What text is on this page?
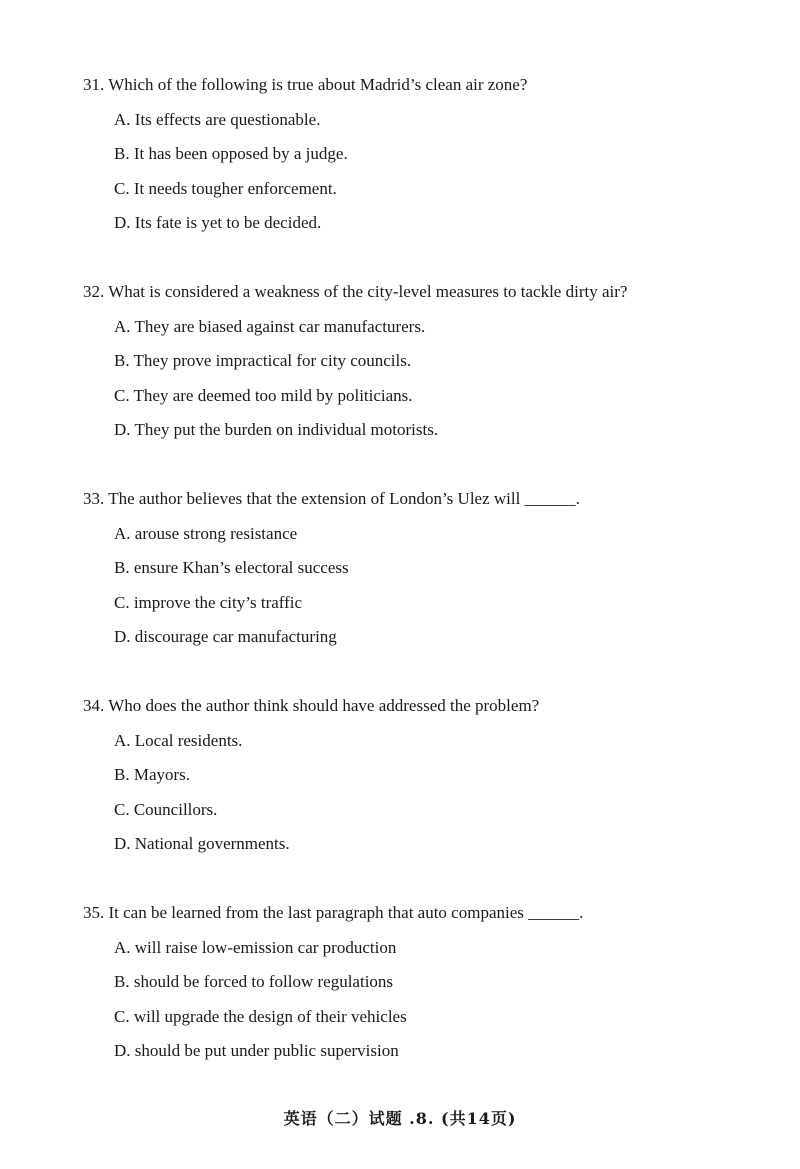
31. Which of the following is true about Madrid’s clean air zone?
A. Its effects are questionable.
B. It has been opposed by a judge.
C. It needs tougher enforcement.
D. Its fate is yet to be decided.
32. What is considered a weakness of the city-level measures to tackle dirty air?
A. They are biased against car manufacturers.
B. They prove impractical for city councils.
C. They are deemed too mild by politicians.
D. They put the burden on individual motorists.
33. The author believes that the extension of London’s Ulez will ______.
A. arouse strong resistance
B. ensure Khan’s electoral success
C. improve the city’s traffic
D. discourage car manufacturing
34. Who does the author think should have addressed the problem?
A. Local residents.
B. Mayors.
C. Councillors.
D. National governments.
35. It can be learned from the last paragraph that auto companies ______.
A. will raise low-emission car production
B. should be forced to follow regulations
C. will upgrade the design of their vehicles
D. should be put under public supervision
英语（二）试题 .8. (共14页)
